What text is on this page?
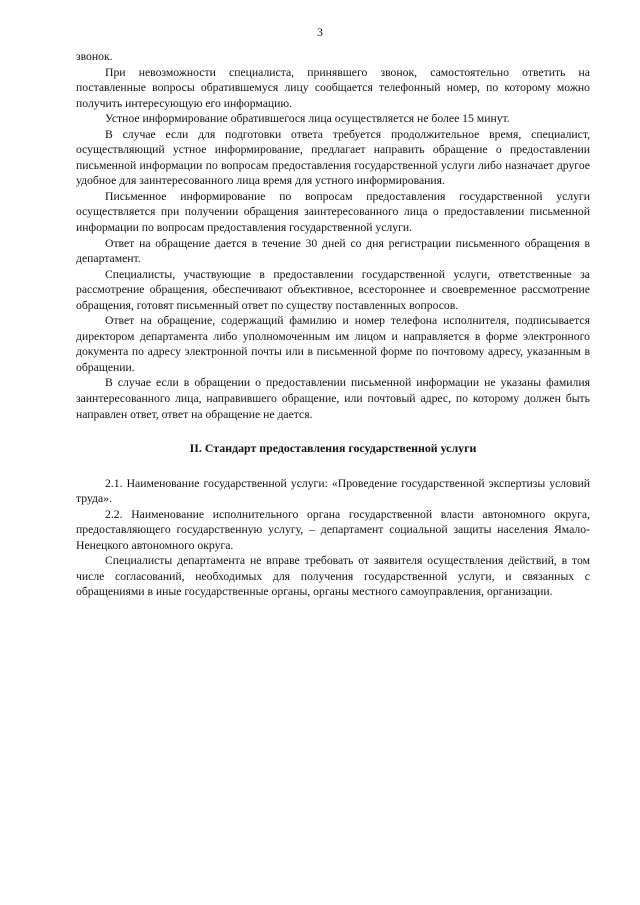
3

звонок.

При невозможности специалиста, принявшего звонок, самостоятельно ответить на поставленные вопросы обратившемуся лицу сообщается телефонный номер, по которому можно получить интересующую его информацию.

Устное информирование обратившегося лица осуществляется не более 15 минут.

В случае если для подготовки ответа требуется продолжительное время, специалист, осуществляющий устное информирование, предлагает направить обращение о предоставлении письменной информации по вопросам предоставления государственной услуги либо назначает другое удобное для заинтересованного лица время для устного информирования.

Письменное информирование по вопросам предоставления государственной услуги осуществляется при получении обращения заинтересованного лица о предоставлении письменной информации по вопросам предоставления государственной услуги.

Ответ на обращение дается в течение 30 дней со дня регистрации письменного обращения в департамент.

Специалисты, участвующие в предоставлении государственной услуги, ответственные за рассмотрение обращения, обеспечивают объективное, всестороннее и своевременное рассмотрение обращения, готовят письменный ответ по существу поставленных вопросов.

Ответ на обращение, содержащий фамилию и номер телефона исполнителя, подписывается директором департамента либо уполномоченным им лицом и направляется в форме электронного документа по адресу электронной почты или в письменной форме по почтовому адресу, указанным в обращении.

В случае если в обращении о предоставлении письменной информации не указаны фамилия заинтересованного лица, направившего обращение, или почтовый адрес, по которому должен быть направлен ответ, ответ на обращение не дается.

II. Стандарт предоставления государственной услуги

2.1. Наименование государственной услуги: «Проведение государственной экспертизы условий труда».

2.2. Наименование исполнительного органа государственной власти автономного округа, предоставляющего государственную услугу, – департамент социальной защиты населения Ямало-Ненецкого автономного округа.

Специалисты департамента не вправе требовать от заявителя осуществления действий, в том числе согласований, необходимых для получения государственной услуги, и связанных с обращениями в иные государственные органы, органы местного самоуправления, организации.
